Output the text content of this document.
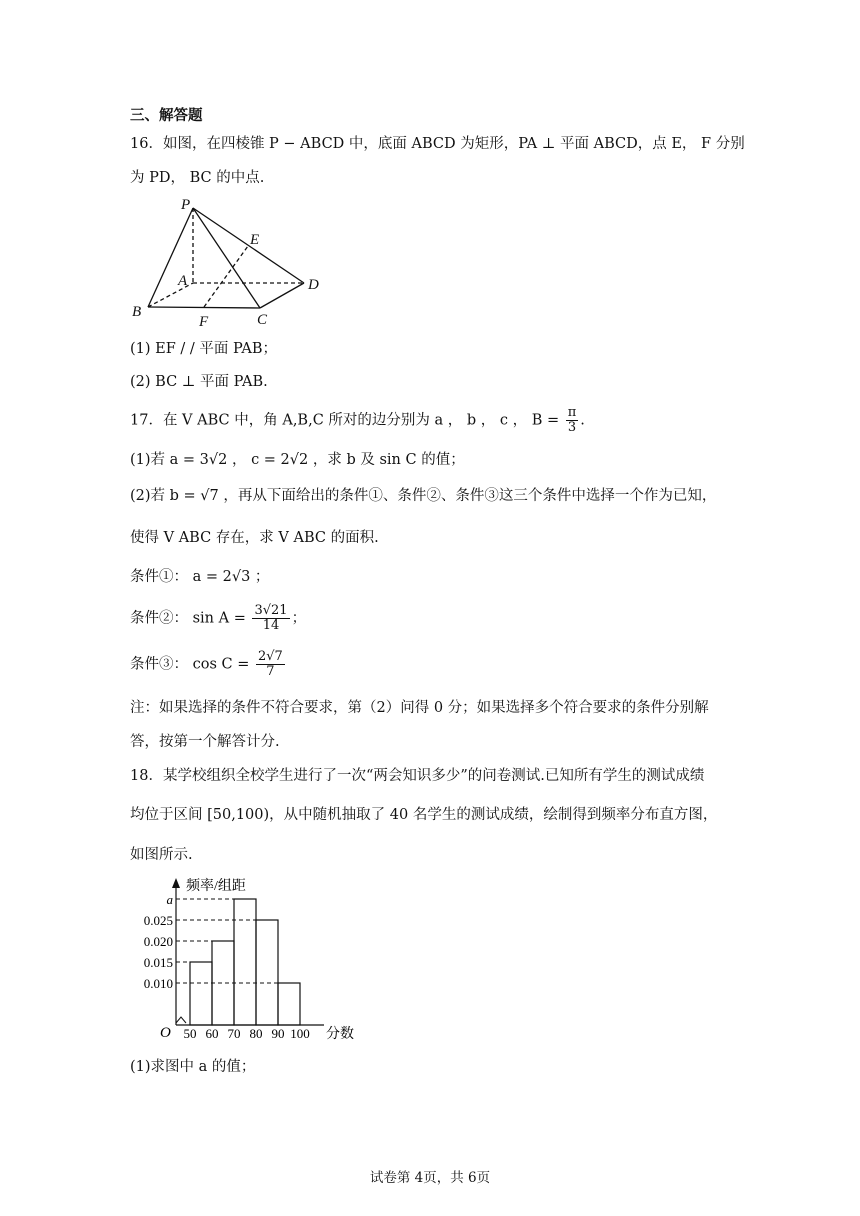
三、解答题
16．如图，在四棱锥 P − ABCD 中，底面 ABCD 为矩形，PA ⊥ 平面 ABCD，点 E， F 分别
为 PD， BC 的中点.
P
E
A	D
B
F	C
(1) EF / / 平面 PAB；
(2) BC ⊥ 平面 PAB.
17．在 V ABC 中，角 A,B,C 所对的边分别为 a ， b ， c ， $B = \frac{\pi}{3}$ .
(1)若 a = 3√2 ， c = 2√2 ，求 b 及 sin C 的值；
(2)若 b = √7 ，再从下面给出的条件①、条件②、条件③这三个条件中选择一个作为已知，
使得 V ABC 存在，求 V ABC 的面积.
条件①： a = 2√3 ；
条件②： $\sin A = \frac{3√21}{14}$ ；
条件③： $\cos C = \frac{2√7}{7}$
注：如果选择的条件不符合要求，第（2）问得 0 分；如果选择多个符合要求的条件分别解
答，按第一个解答计分.
18．某学校组织全校学生进行了一次“两会知识多少”的问卷测试.已知所有学生的测试成绩
均位于区间 [50,100)，从中随机抽取了 40 名学生的测试成绩，绘制得到频率分布直方图，
如图所示.
频率/组距
分数
O
0.010
0.015
0.020
0.025
a
50 60 70 80 90 100
(1)求图中 a 的值；
试卷第 4页，共 6页
